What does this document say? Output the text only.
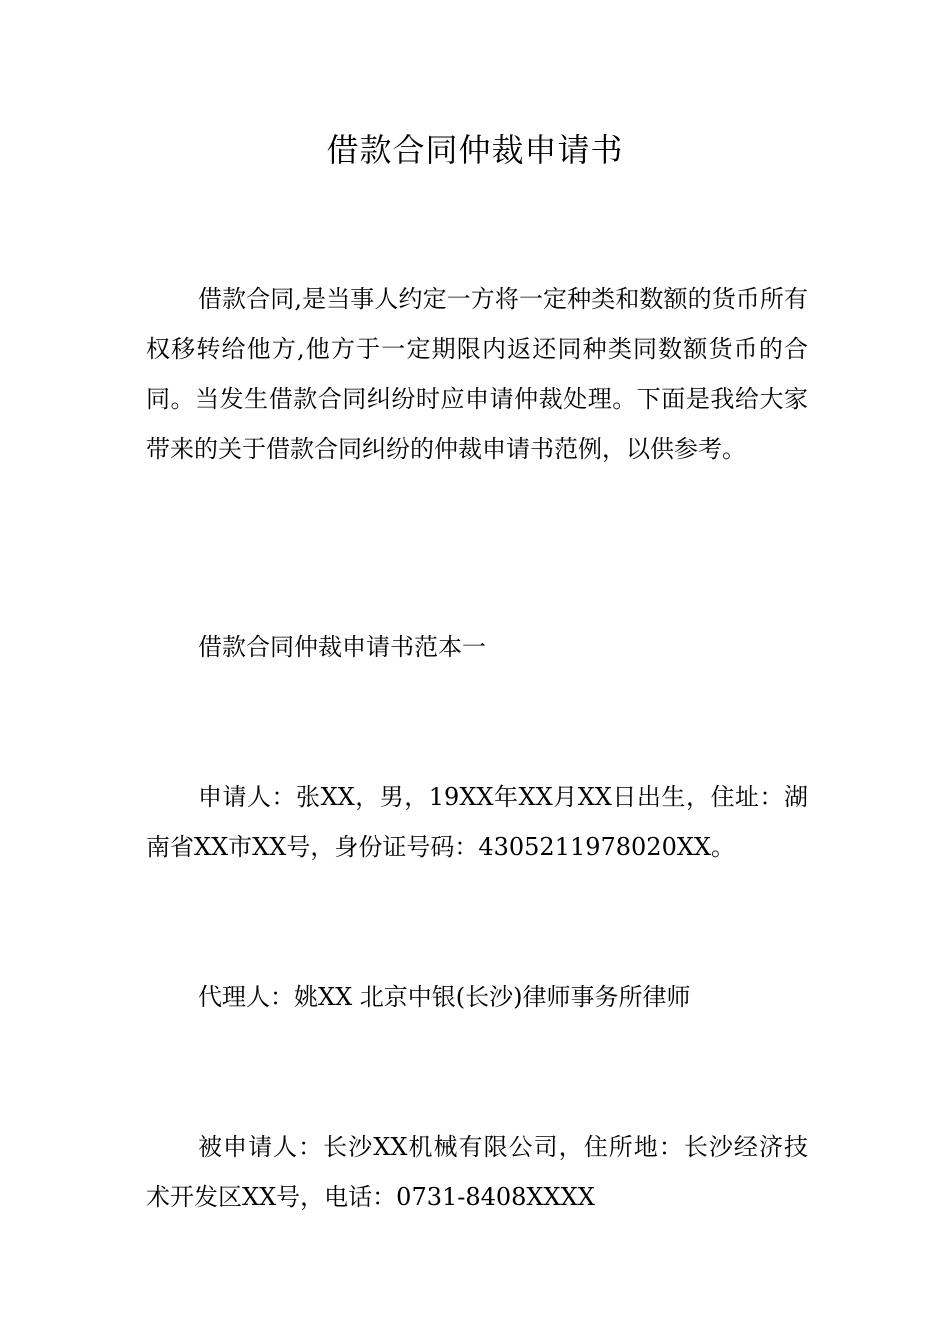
借款合同仲裁申请书

借款合同,是当事人约定一方将一定种类和数额的货币所有权移转给他方,他方于一定期限内返还同种类同数额货币的合同。当发生借款合同纠纷时应申请仲裁处理。下面是我给大家带来的关于借款合同纠纷的仲裁申请书范例，以供参考。

借款合同仲裁申请书范本一

申请人：张XX，男，19XX年XX月XX日出生，住址：湖南省XX市XX号，身份证号码：4305211978020XX。

代理人：姚XX 北京中银(长沙)律师事务所律师

被申请人：长沙XX机械有限公司，住所地：长沙经济技术开发区XX号，电话：0731-8408XXXX
